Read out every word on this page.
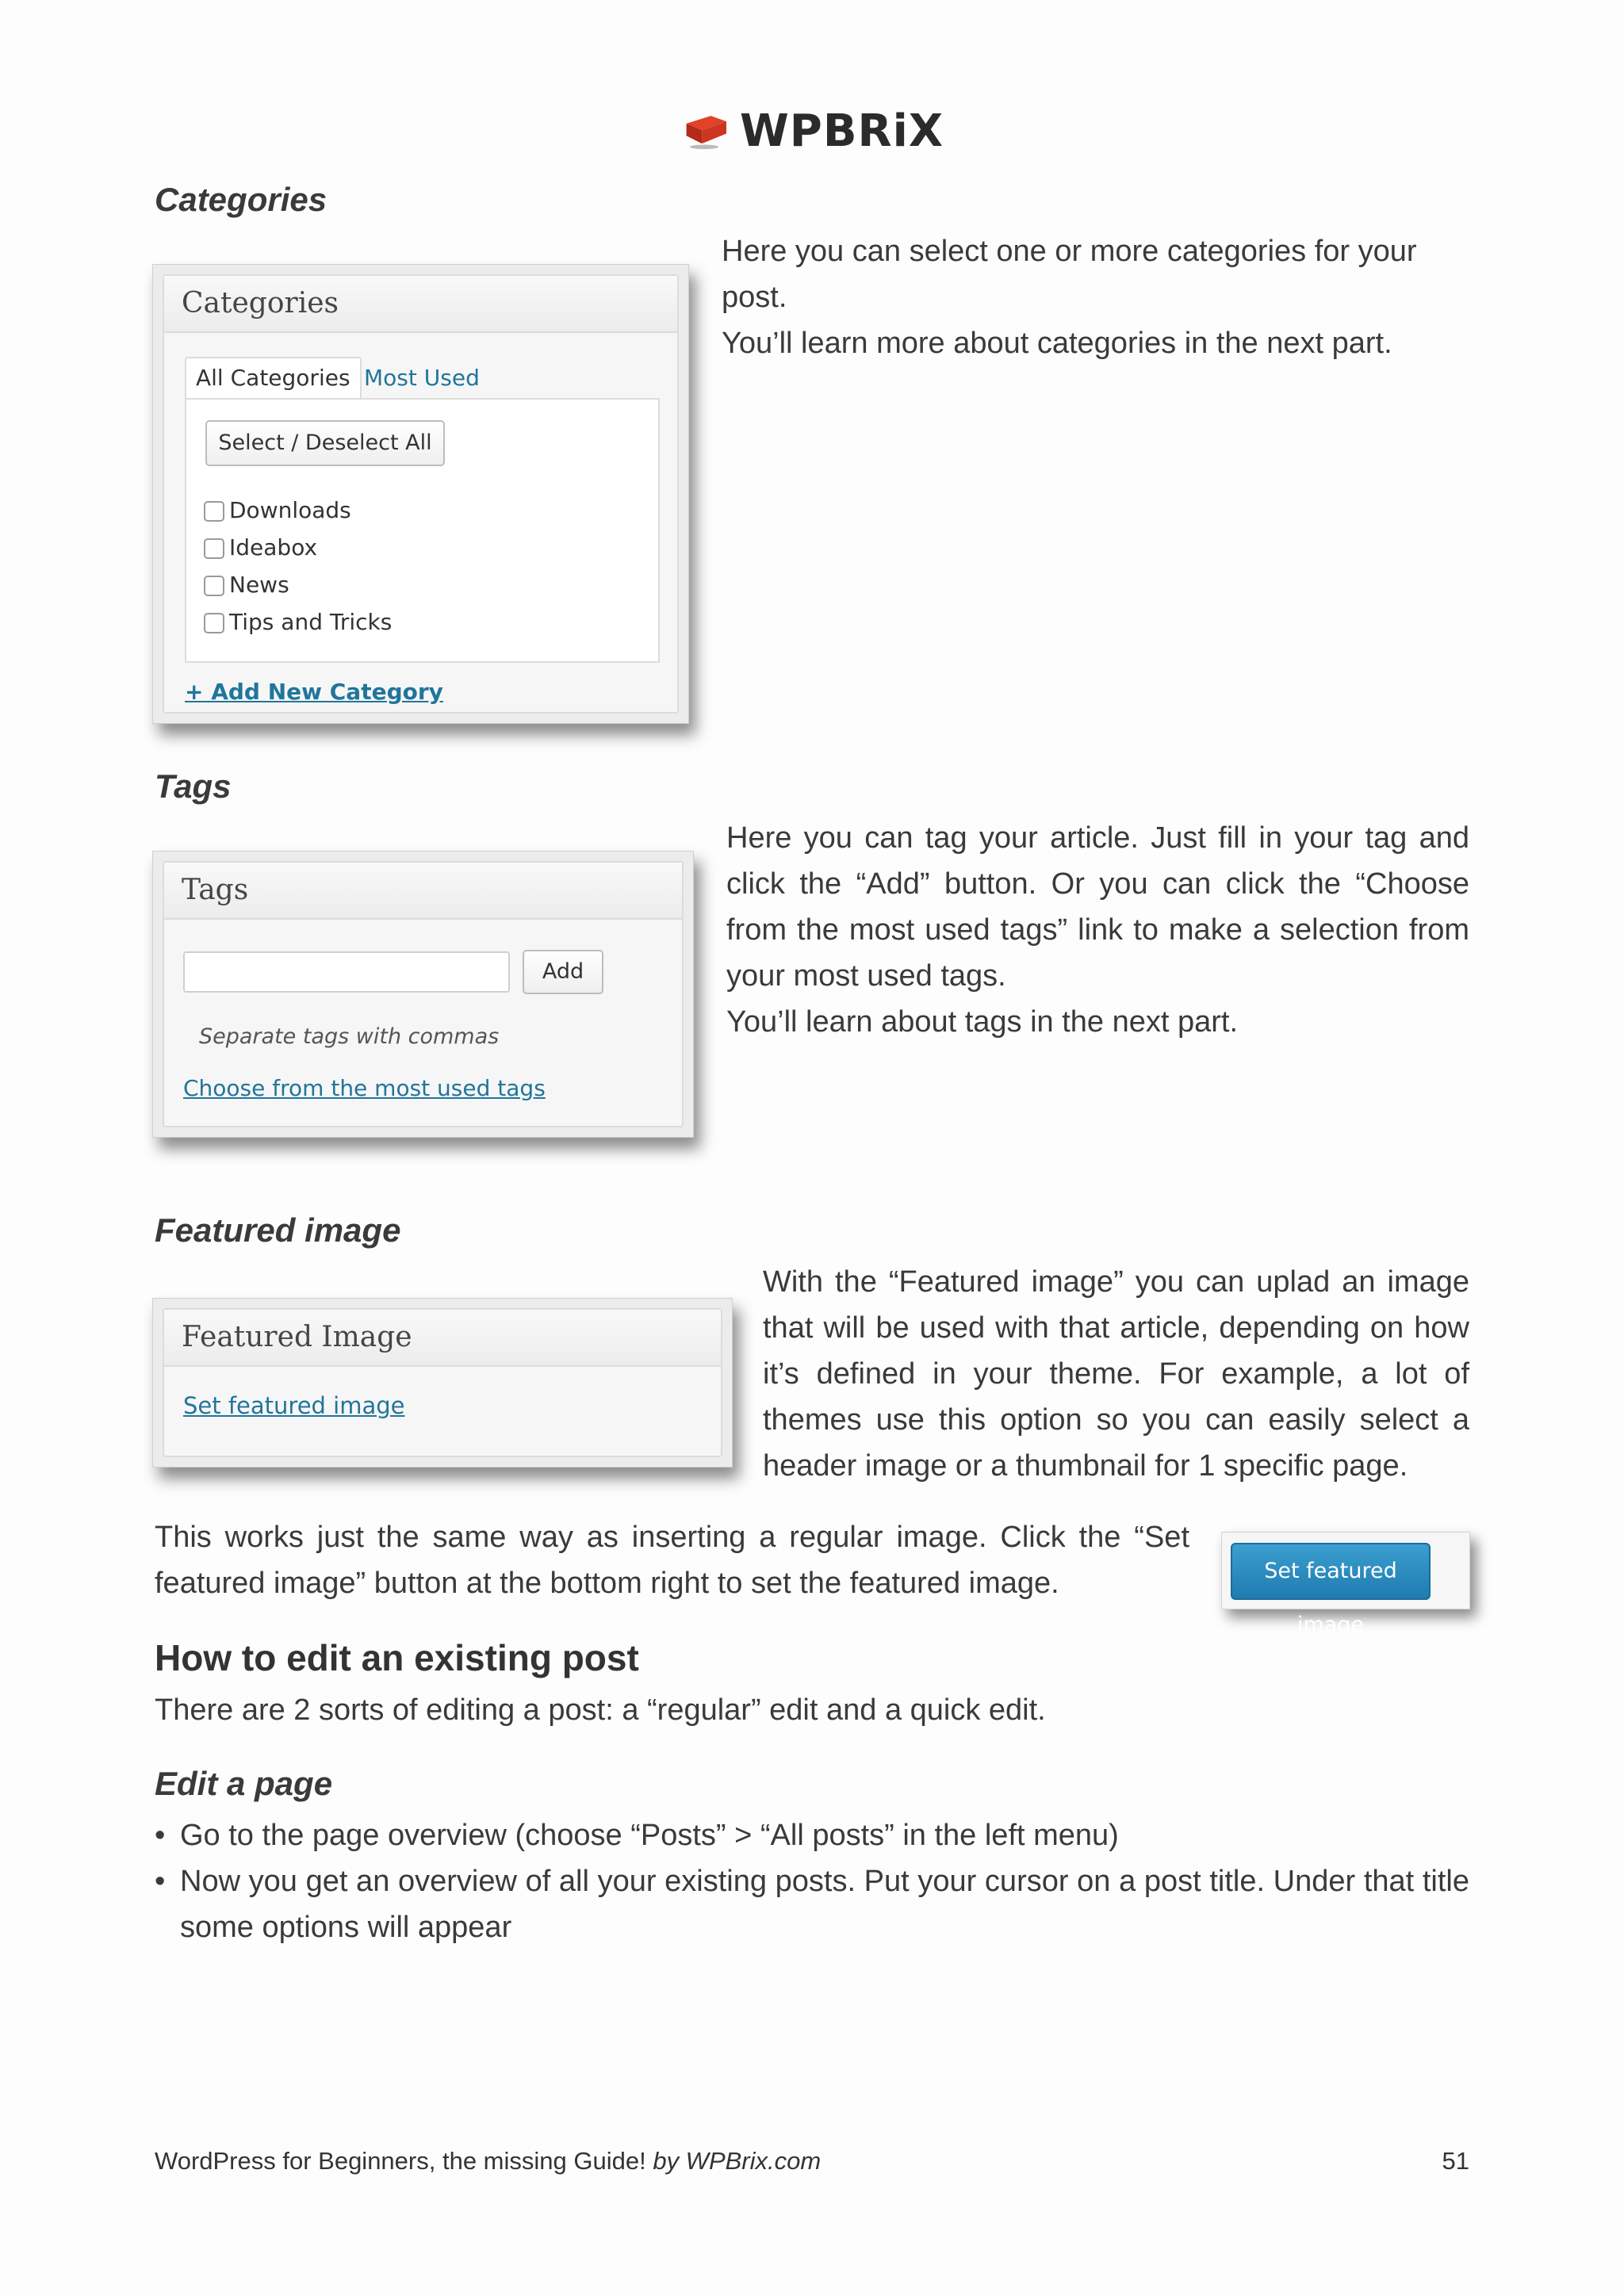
WPBRiX
Categories
Here you can select one or more categories for your post.
You’ll learn more about categories in the next part.
Categories
All Categories Most Used
Select / Deselect All
Downloads
Ideabox
News
Tips and Tricks
+ Add New Category
Tags
Here you can tag your article. Just fill in your tag and click the “Add” button. Or you can click the “Choose from the most used tags” link to make a selection from your most used tags.
You’ll learn about tags in the next part.
Tags
Add
Separate tags with commas
Choose from the most used tags
Featured image
With the “Featured image” you can uplad an image that will be used with that article, depending on how it’s defined in your theme. For example, a lot of themes use this option so you can easily select a header image or a thumbnail for 1 specific page.
Featured Image
Set featured image
This works just the same way as inserting a regular image. Click the “Set featured image” button at the bottom right to set the featured image.	Set featured image
How to edit an existing post
There are 2 sorts of editing a post: a “regular” edit and a quick edit.
Edit a page
• Go to the page overview (choose “Posts” > “All posts” in the left menu)
• Now you get an overview of all your existing posts. Put your cursor on a post title. Under that title some options will appear
WordPress for Beginners, the missing Guide! by WPBrix.com	51
